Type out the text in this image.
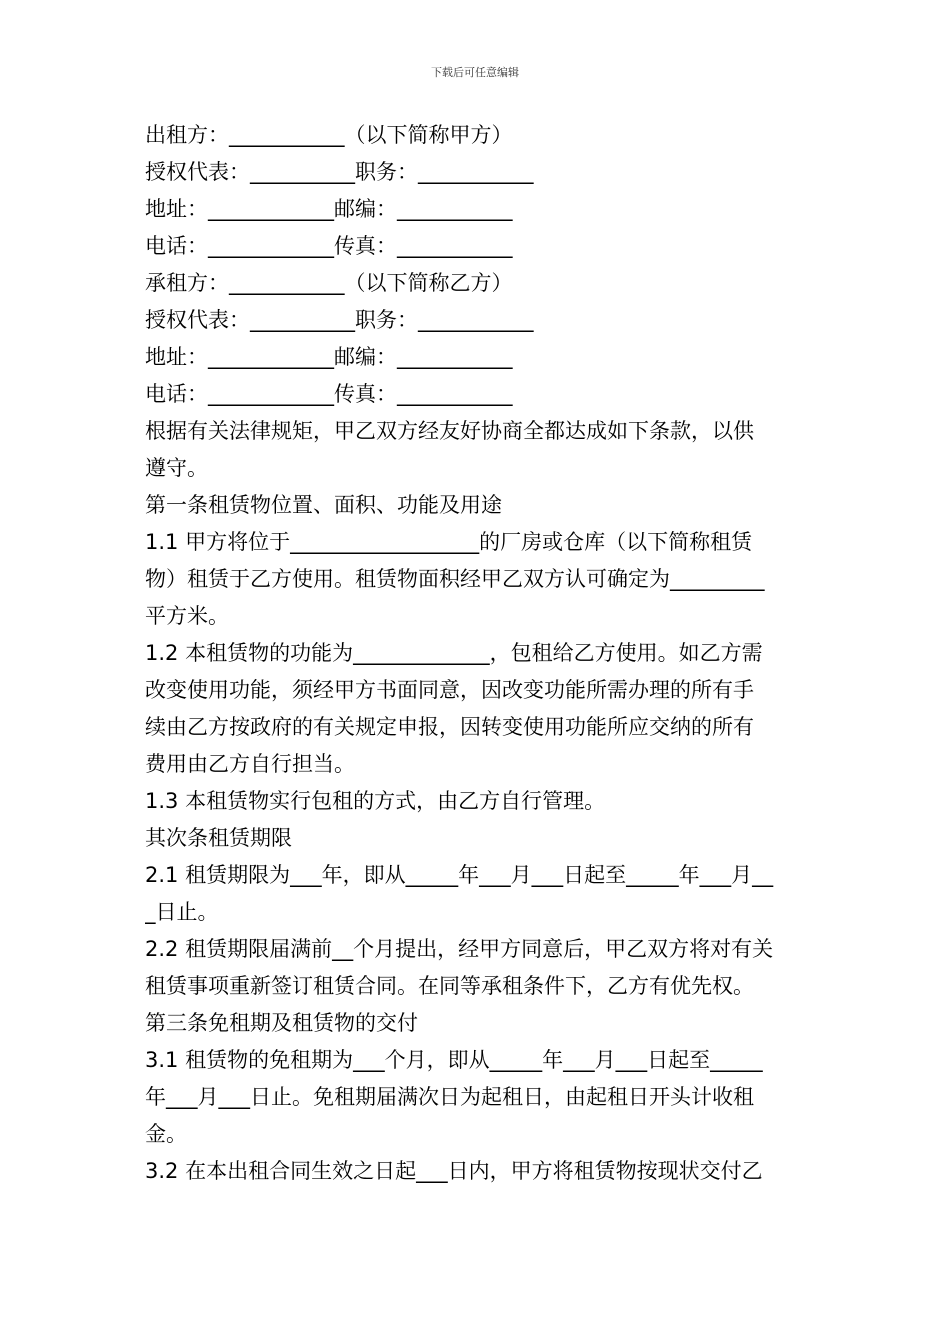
下载后可任意编辑
出租方：___________（以下简称甲方）
授权代表：__________职务：___________
地址：____________邮编：___________
电话：____________传真：___________
承租方：___________（以下简称乙方）
授权代表：__________职务：___________
地址：____________邮编：___________
电话：____________传真：___________
根据有关法律规矩，甲乙双方经友好协商全都达成如下条款，以供
遵守。
第一条租赁物位置、面积、功能及用途
1.1 甲方将位于__________________的厂房或仓库（以下简称租赁
物）租赁于乙方使用。租赁物面积经甲乙双方认可确定为_________
平方米。
1.2 本租赁物的功能为_____________，包租给乙方使用。如乙方需
改变使用功能，须经甲方书面同意，因改变功能所需办理的所有手
续由乙方按政府的有关规定申报，因转变使用功能所应交纳的所有
费用由乙方自行担当。
1.3 本租赁物实行包租的方式，由乙方自行管理。
其次条租赁期限
2.1 租赁期限为___年，即从_____年___月___日起至_____年___月__
_日止。
2.2 租赁期限届满前__个月提出，经甲方同意后，甲乙双方将对有关
租赁事项重新签订租赁合同。在同等承租条件下，乙方有优先权。
第三条免租期及租赁物的交付
3.1 租赁物的免租期为___个月，即从_____年___月___日起至_____
年___月___日止。免租期届满次日为起租日，由起租日开头计收租
金。
3.2 在本出租合同生效之日起___日内，甲方将租赁物按现状交付乙
